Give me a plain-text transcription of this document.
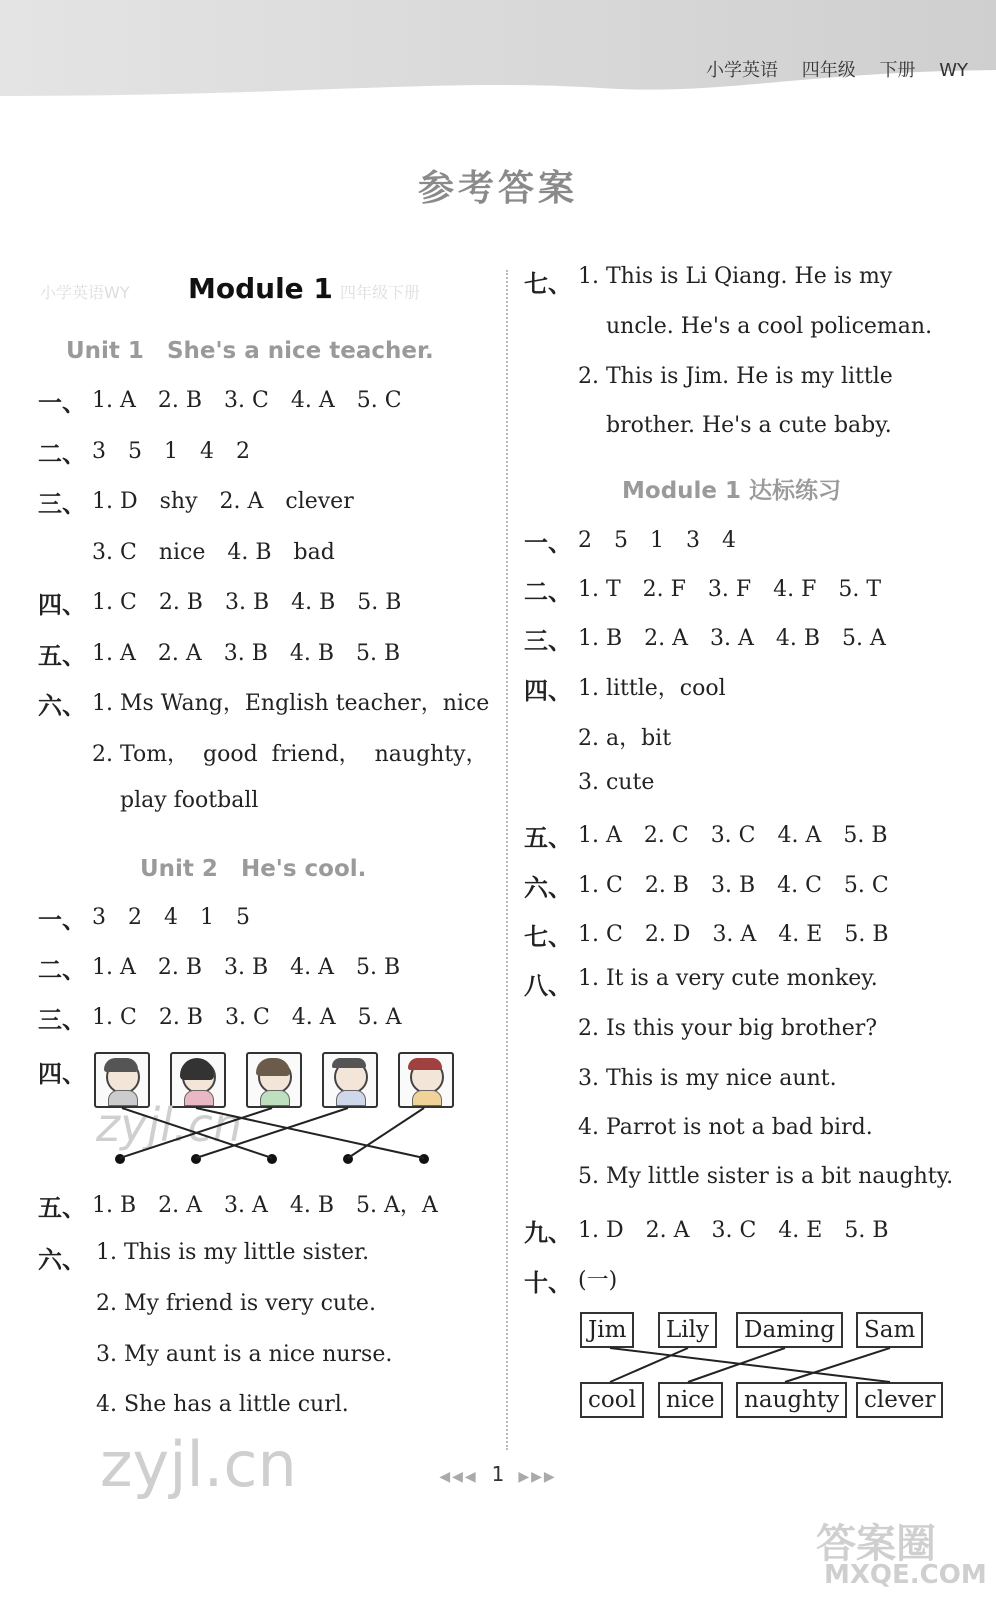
小学英语 四年级 下册 WY
参考答案
小学英语WY Module 1 四年级下册
Unit 1　She's a nice teacher.
一、 1. A　2. B　3. C　4. A　5. C
二、 3　5　1　4　2
三、 1. D　shy　2. A　clever
3. C　nice　4. B　bad
四、 1. C　2. B　3. B　4. B　5. B
五、 1. A　2. A　3. B　4. B　5. B
六、 1. Ms Wang，English teacher，nice
2. Tom，  good  friend，  naughty，
play football
Unit 2　He's cool.
一、 3　2　4　1　5
二、 1. A　2. B　3. B　4. A　5. B
三、 1. C　2. B　3. C　4. A　5. A
四、
zyjl.cn
五、 1. B　2. A　3. A　4. B　5. A，A
六、 1. This is my little sister.
2. My friend is very cute.
3. My aunt is a nice nurse.
4. She has a little curl.
七、 1. This is Li Qiang. He is my
uncle. He's a cool policeman.
2. This is Jim. He is my little
brother. He's a cute baby.
Module 1 达标练习
一、 2　5　1　3　4
二、 1. T　2. F　3. F　4. F　5. T
三、 1. B　2. A　3. A　4. B　5. A
四、 1. little，cool
2. a，bit
3. cute
五、 1. A　2. C　3. C　4. A　5. B
六、 1. C　2. B　3. B　4. C　5. C
七、 1. C　2. D　3. A　4. E　5. B
八、 1. It is a very cute monkey.
2. Is this your big brother?
3. This is my nice aunt.
4. Parrot is not a bad bird.
5. My little sister is a bit naughty.
九、 1. D　2. A　3. C　4. E　5. B
十、 (一)
Jim	Lily	Daming	Sam
cool	nice	naughty	clever
zyjl.cn	◀◀◀ 1 ▶▶▶
答案圈
MXQE.COM
